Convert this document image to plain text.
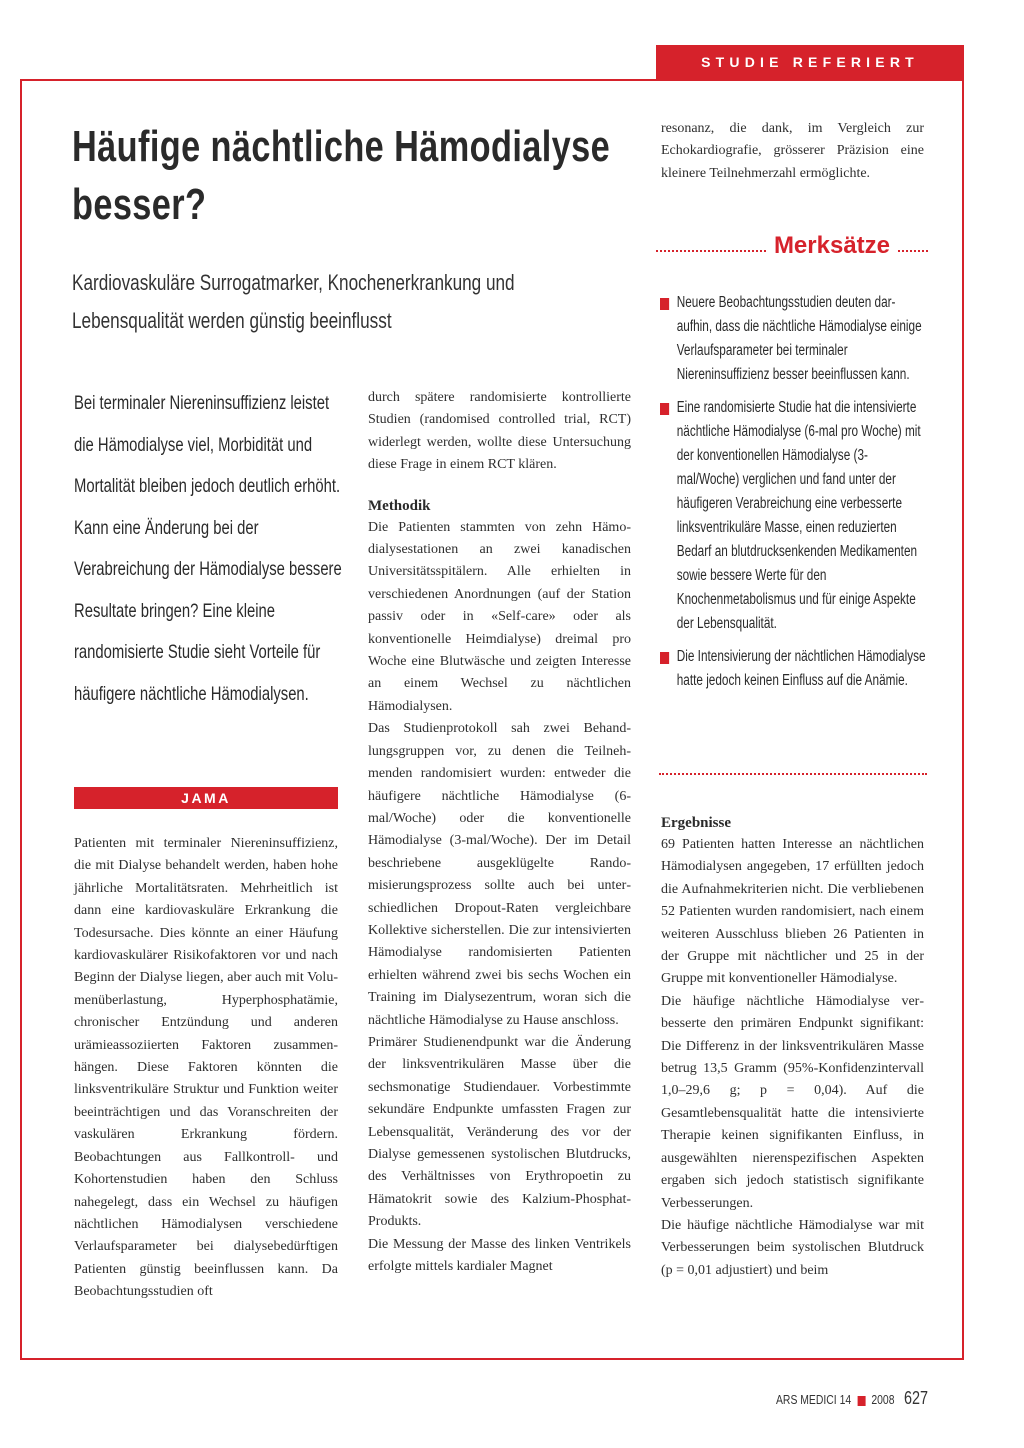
STUDIE REFERIERT
Häufige nächtliche Hämodialyse besser?
Kardiovaskuläre Surrogatmarker, Knochenerkrankung und Lebensqualität werden günstig beeinflusst
Bei terminaler Niereninsuffizienz leistet die Hämodialyse viel, Morbidität und Mortalität bleiben jedoch deutlich erhöht. Kann eine Änderung bei der Verabreichung der Hämodialyse bessere Resultate bringen? Eine kleine randomisierte Studie sieht Vorteile für häufigere nächtliche Hämodialysen.
JAMA

Patienten mit terminaler Niereninsuffizienz, die mit Dialyse behandelt werden, haben hohe jährliche Mortalitätsraten. Mehrheitlich ist dann eine kardiovaskuläre Erkrankung die Todesursache. Dies könnte an einer Häufung kardiovaskulärer Risikofaktoren vor und nach Beginn der Dialyse liegen, aber auch mit Volumenüberlastung, Hyperphosphatämie, chronischer Entzündung und anderen urämieassoziierten Faktoren zusammenhängen. Diese Faktoren könnten die linksventrikuläre Struktur und Funktion weiter beeinträchtigen und das Voranschreiten der vaskulären Erkrankung fördern. Beobachtungen aus Fallkontroll- und Kohortenstudien haben den Schluss nahegelegt, dass ein Wechsel zu häufigen nächtlichen Hämodialysen verschiedene Verlaufsparameter bei dialysebedürftigen Patienten günstig beeinflussen kann. Da Beobachtungsstudien oft

durch spätere randomisierte kontrollierte Studien (randomised controlled trial, RCT) widerlegt werden, wollte diese Untersuchung diese Frage in einem RCT klären.

Methodik

Die Patienten stammten von zehn Hämodialysestationen an zwei kanadischen Universitätsspitälern. Alle erhielten in verschiedenen Anordnungen (auf der Station passiv oder in «Self-care» oder als konventionelle Heimdialyse) dreimal pro Woche eine Blutwäsche und zeigten Interesse an einem Wechsel zu nächtlichen Hämodialysen.

Das Studienprotokoll sah zwei Behandlungsgruppen vor, zu denen die Teilnehmenden randomisiert wurden: entweder die häufigere nächtliche Hämodialyse (6-mal/Woche) oder die konventionelle Hämodialyse (3-mal/Woche). Der im Detail beschriebene ausgeklügelte Randomisierungsprozess sollte auch bei unterschiedlichen Dropout-Raten vergleichbare Kollektive sicherstellen. Die zur intensivierten Hämodialyse randomisierten Patienten erhielten während zwei bis sechs Wochen ein Training im Dialysezentrum, woran sich die nächtliche Hämodialyse zu Hause anschloss.

Primärer Studienendpunkt war die Änderung der linksventrikulären Masse über die sechsmonatige Studiendauer. Vorbestimmte sekundäre Endpunkte umfassten Fragen zur Lebensqualität, Veränderung des vor der Dialyse gemessenen systolischen Blutdrucks, des Verhältnisses von Erythropoetin zu Hämatokrit sowie des Kalzium-Phosphat-Produkts.

Die Messung der Masse des linken Ventrikels erfolgte mittels kardialer Magnet

resonanz, die dank, im Vergleich zur Echokardiografie, grösserer Präzision eine kleinere Teilnehmerzahl ermöglichte.

Merksätze
Neuere Beobachtungsstudien deuten daraufhin, dass die nächtliche Hämodialyse einige Verlaufsparameter bei terminaler Niereninsuffizienz besser beeinflussen kann.
Eine randomisierte Studie hat die intensivierte nächtliche Hämodialyse (6-mal pro Woche) mit der konventionellen Hämodialyse (3-mal/Woche) verglichen und fand unter der häufigeren Verabreichung eine verbesserte linksventrikuläre Masse, einen reduzierten Bedarf an blutdrucksenkenden Medikamenten sowie bessere Werte für den Knochenmetabolismus und für einige Aspekte der Lebensqualität.
Die Intensivierung der nächtlichen Hämodialyse hatte jedoch keinen Einfluss auf die Anämie.
Ergebnisse

69 Patienten hatten Interesse an nächtlichen Hämodialysen angegeben, 17 erfüllten jedoch die Aufnahmekriterien nicht. Die verbliebenen 52 Patienten wurden randomisiert, nach einem weiteren Ausschluss blieben 26 Patienten in der Gruppe mit nächtlicher und 25 in der Gruppe mit konventioneller Hämodialyse.

Die häufige nächtliche Hämodialyse verbesserte den primären Endpunkt signifikant: Die Differenz in der linksventrikulären Masse betrug 13,5 Gramm (95%-Konfidenzintervall 1,0–29,6 g; p = 0,04). Auf die Gesamtlebensqualität hatte die intensivierte Therapie keinen signifikanten Einfluss, in ausgewählten nierenspezifischen Aspekten ergaben sich jedoch statistisch signifikante Verbesserungen.

Die häufige nächtliche Hämodialyse war mit Verbesserungen beim systolischen Blutdruck (p = 0,01 adjustiert) und beim

ARS MEDICI 14 2008 627
